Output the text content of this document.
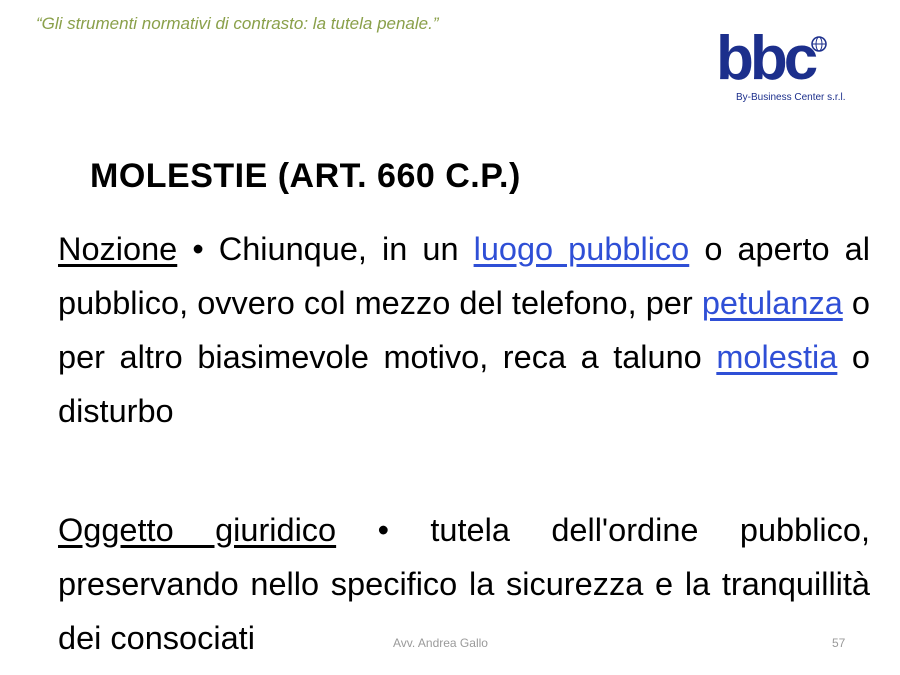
“Gli strumenti normativi di contrasto: la tutela penale.”
bbc
By-Business Center s.r.l.
MOLESTIE (ART. 660 C.P.)
Nozione • Chiunque, in un luogo pubblico o aperto al pubblico, ovvero col mezzo del telefono, per petulanza o per altro biasimevole motivo, reca a taluno molestia o disturbo
Oggetto giuridico • tutela dell'ordine pubblico, preservando nello specifico la sicurezza e la tranquillità dei consociati	Avv. Andrea Gallo	57
